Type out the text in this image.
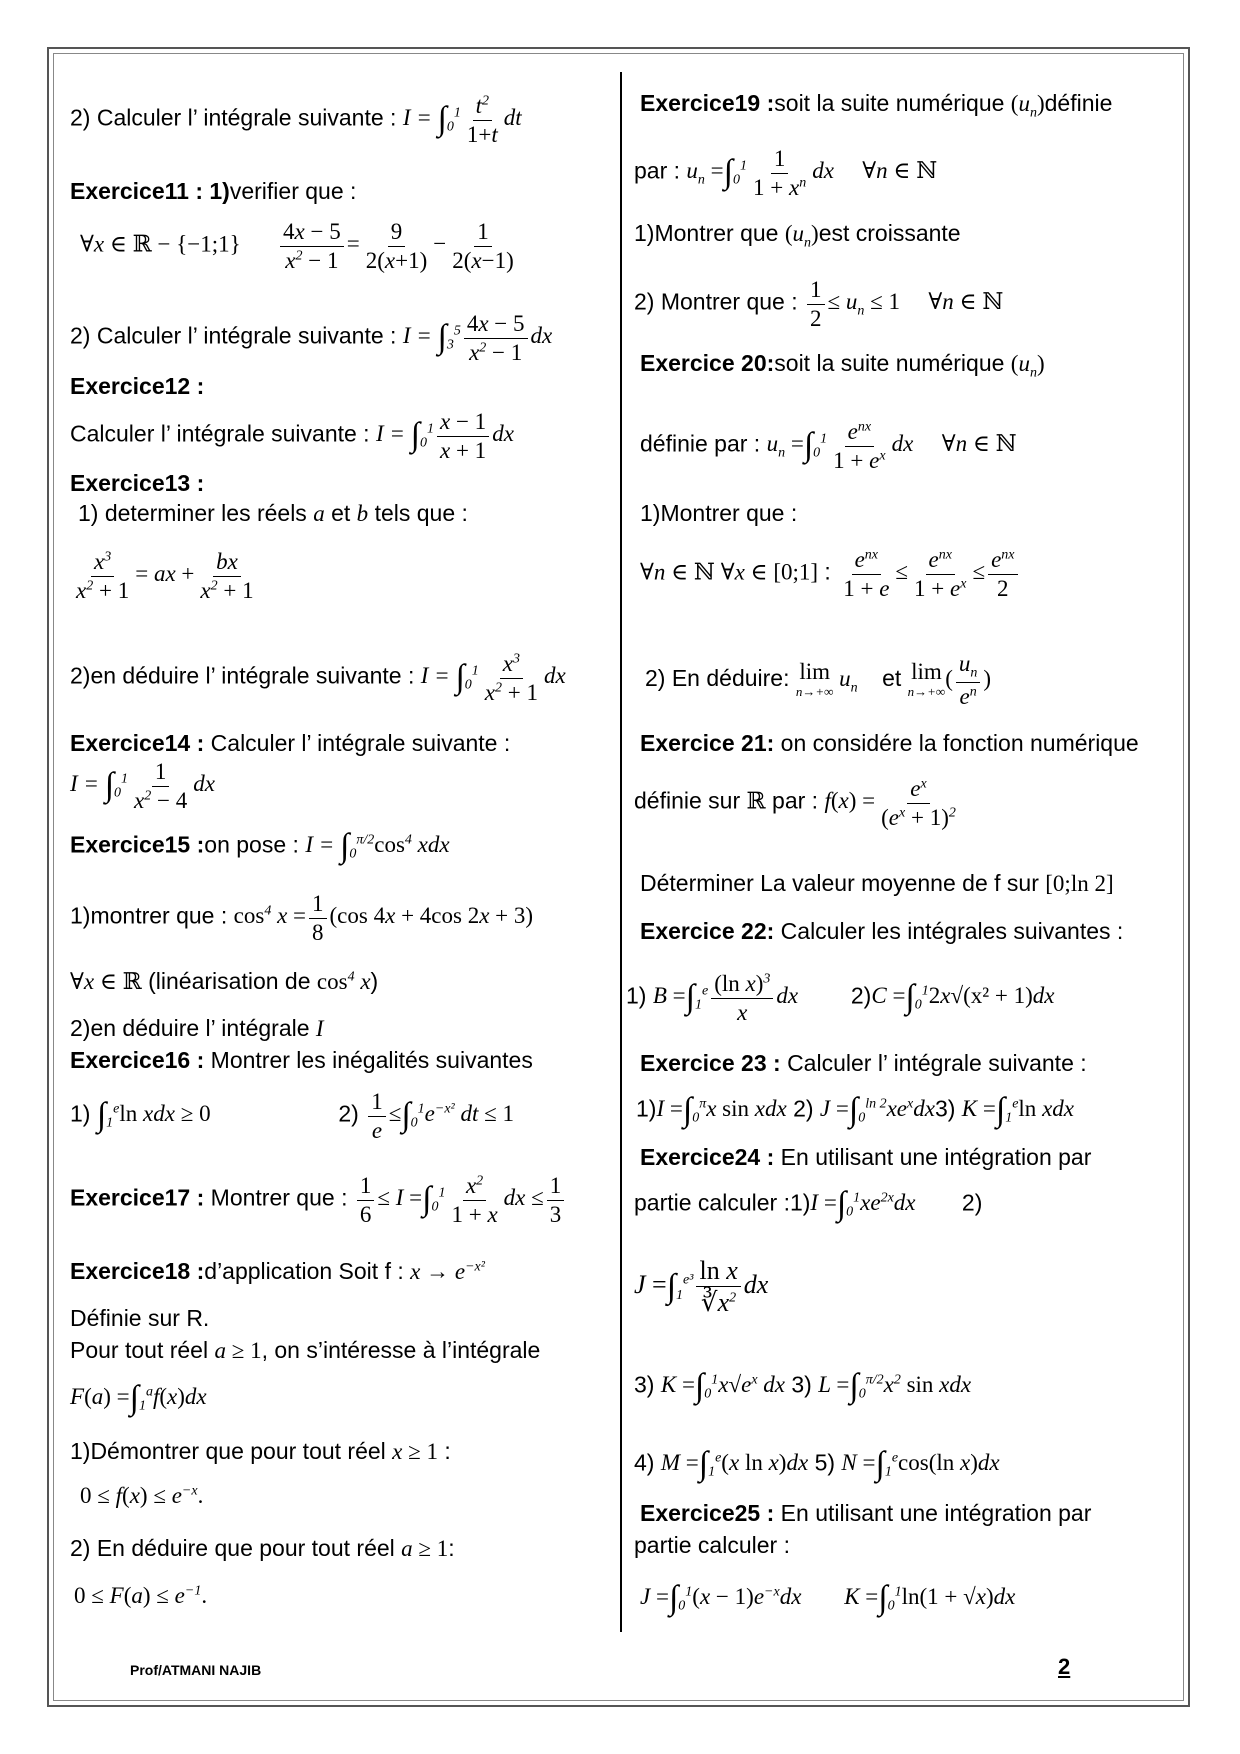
2) Calculer l’ intégrale suivante : $I = \int_0^1 \frac{t^2}{1+t}$ dt
Exercice11 : 1)verifier que :
∀x ∈ ℝ − {−1;1} $\frac{4x - 5}{x^2 - 1} = \frac{9}{2(x+1)} - \frac{1}{2(x-1)}$
2) Calculer l’ intégrale suivante : $I = \int_3^5 \frac{4x - 5}{x^2 - 1}$ dx
Exercice12 :
Calculer l’ intégrale suivante : $I = \int_0^1 \frac{x - 1}{x + 1}$ dx
Exercice13 :
1) determiner les réels a et b tels que :
$\frac{x^3}{x^2 + 1}$ = ax + $\frac{bx}{x^2 + 1}$
2)en déduire l’ intégrale suivante : $I = \int_0^1 \frac{x^3}{x^2 + 1}$ dx
Exercice14 : Calculer l’ intégrale suivante :
$I = \int_0^1 \frac{1}{x^2 - 4}$ dx
Exercice15 :on pose : $I = \int_0^{\pi/2}\cos^4$ xdx
1)montrer que : $\cos^4 x = \frac{1}{8} (\cos$ 4x + 4cos 2x + 3)
∀x ∈ ℝ (linéarisation de $\cos^4 x$)
2)en déduire l’ intégrale I
Exercice16 : Montrer les inégalités suivantes
1) $\int_1^e\ln$ xdx ≥ 0	$2) \frac{1}{e} \le\int_0^1e^{-x^2}$ dt ≤ 1
Exercice17 : Montrer que : $\frac{1}{6} \le I =\int_0^1 \frac{x^2}{1 + x}$ dx ≤ $\frac{1}{3}$
Exercice18 :d’application Soit f : $x \to e^{-x^2}$
Définie sur R.
Pour tout réel a ≥ 1, on s’intéresse à l’intégrale
$F(a) =\int_1^af(x)dx$
1)Démontrer que pour tout réel x ≥ 1 :
$0 \le f(x) \le e^{-x}$.
2) En déduire que pour tout réel a ≥ 1:
$0 \le F(a) \le e^{-1}$.
Exercice19 :soit la suite numérique $(u_n)définie$
par : $u_n =\int_0^1 \frac{1}{1 + x^n}$ dx ∀n ∈ ℕ
1)Montrer que $(u_n)est$ croissante
2) Montrer que : $\frac{1}{2} \le u_n \le 1$ ∀n ∈ ℕ
Exercice 20:soit la suite numérique $(u_n)$
définie par : $u_n =\int_0^1 \frac{e^{nx}}{1 + e^x}$ dx ∀n ∈ ℕ
1)Montrer que :
∀n ∈ ℕ ∀x ∈ [0;1] : $\frac{e^{nx}}{1 + e} \le \frac{e^{nx}}{1 + e^x} \le \frac{e^{nx}}{2}$
2) En déduire: lim
n→+∞
$u_n$ et lim
n→+∞
( $\frac{u_n}{e^n}$ )
Exercice 21: on considére la fonction numérique
définie sur ℝ par : $f(x) = \frac{e^x}{(e^x + 1)^2}$
Déterminer La valeur moyenne de f sur [0;ln 2]
Exercice 22: Calculer les intégrales suivantes :
1) $B =\int_1^e \frac{(\ln x)^3}{x}$ dx $2)C =\int_0^12x√(x^2 + 1)dx$
Exercice 23 : Calculer l’ intégrale suivante :
$1)I =\int_0^\pi x$ sin xdx 2) $J =\int_0^{ln 2}xe^xdx3$) $K =\int_1^e\ln$ xdx
Exercice24 : En utilisant une intégration par
partie calculer :1)I $=\int_0^1xe^{2x}dx$ 2)
$J =\int_1^{e^3} \frac{\text{ln x}}{∛x^2}$ dx
3) $K =\int_0^1x√e^x$ dx 3) $L =\int_0^{\pi/2}x^2$ sin xdx
4) $M =\int_1^e(x$ ln x)dx 5) $N =\int_1^e\cos(\ln$ x)dx
Exercice25 : En utilisant une intégration par
partie calculer :
$J =\int_0^1(x - 1)e^{-x}dx$ $K =\int_0^1\ln(1 + √x)dx$
Prof/ATMANI NAJIB	2
